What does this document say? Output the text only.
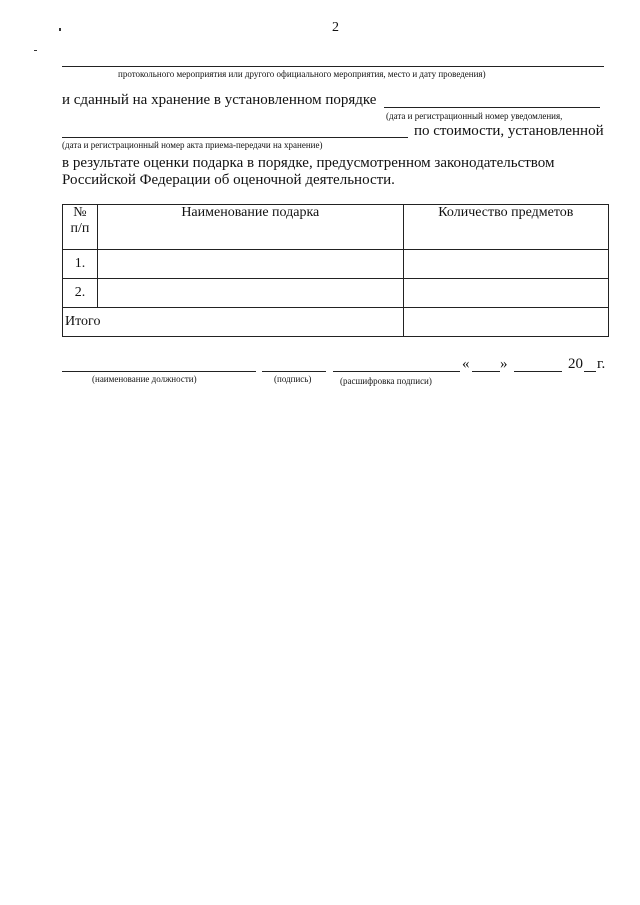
2
протокольного мероприятия или другого официального мероприятия, место и дату проведения)
и сданный на хранение в установленном порядке
(дата и регистрационный номер уведомления,
по стоимости, установленной
(дата и регистрационный номер акта приема-передачи на хранение)
в результате оценки подарка в порядке, предусмотренном законодательством
Российской Федерации об оценочной деятельности.
№
п/п	Наименование подарка	Количество предметов
1.		
2.		
Итого		
« »	20 г.
(наименование должности)	(подпись)	(расшифровка подписи)
